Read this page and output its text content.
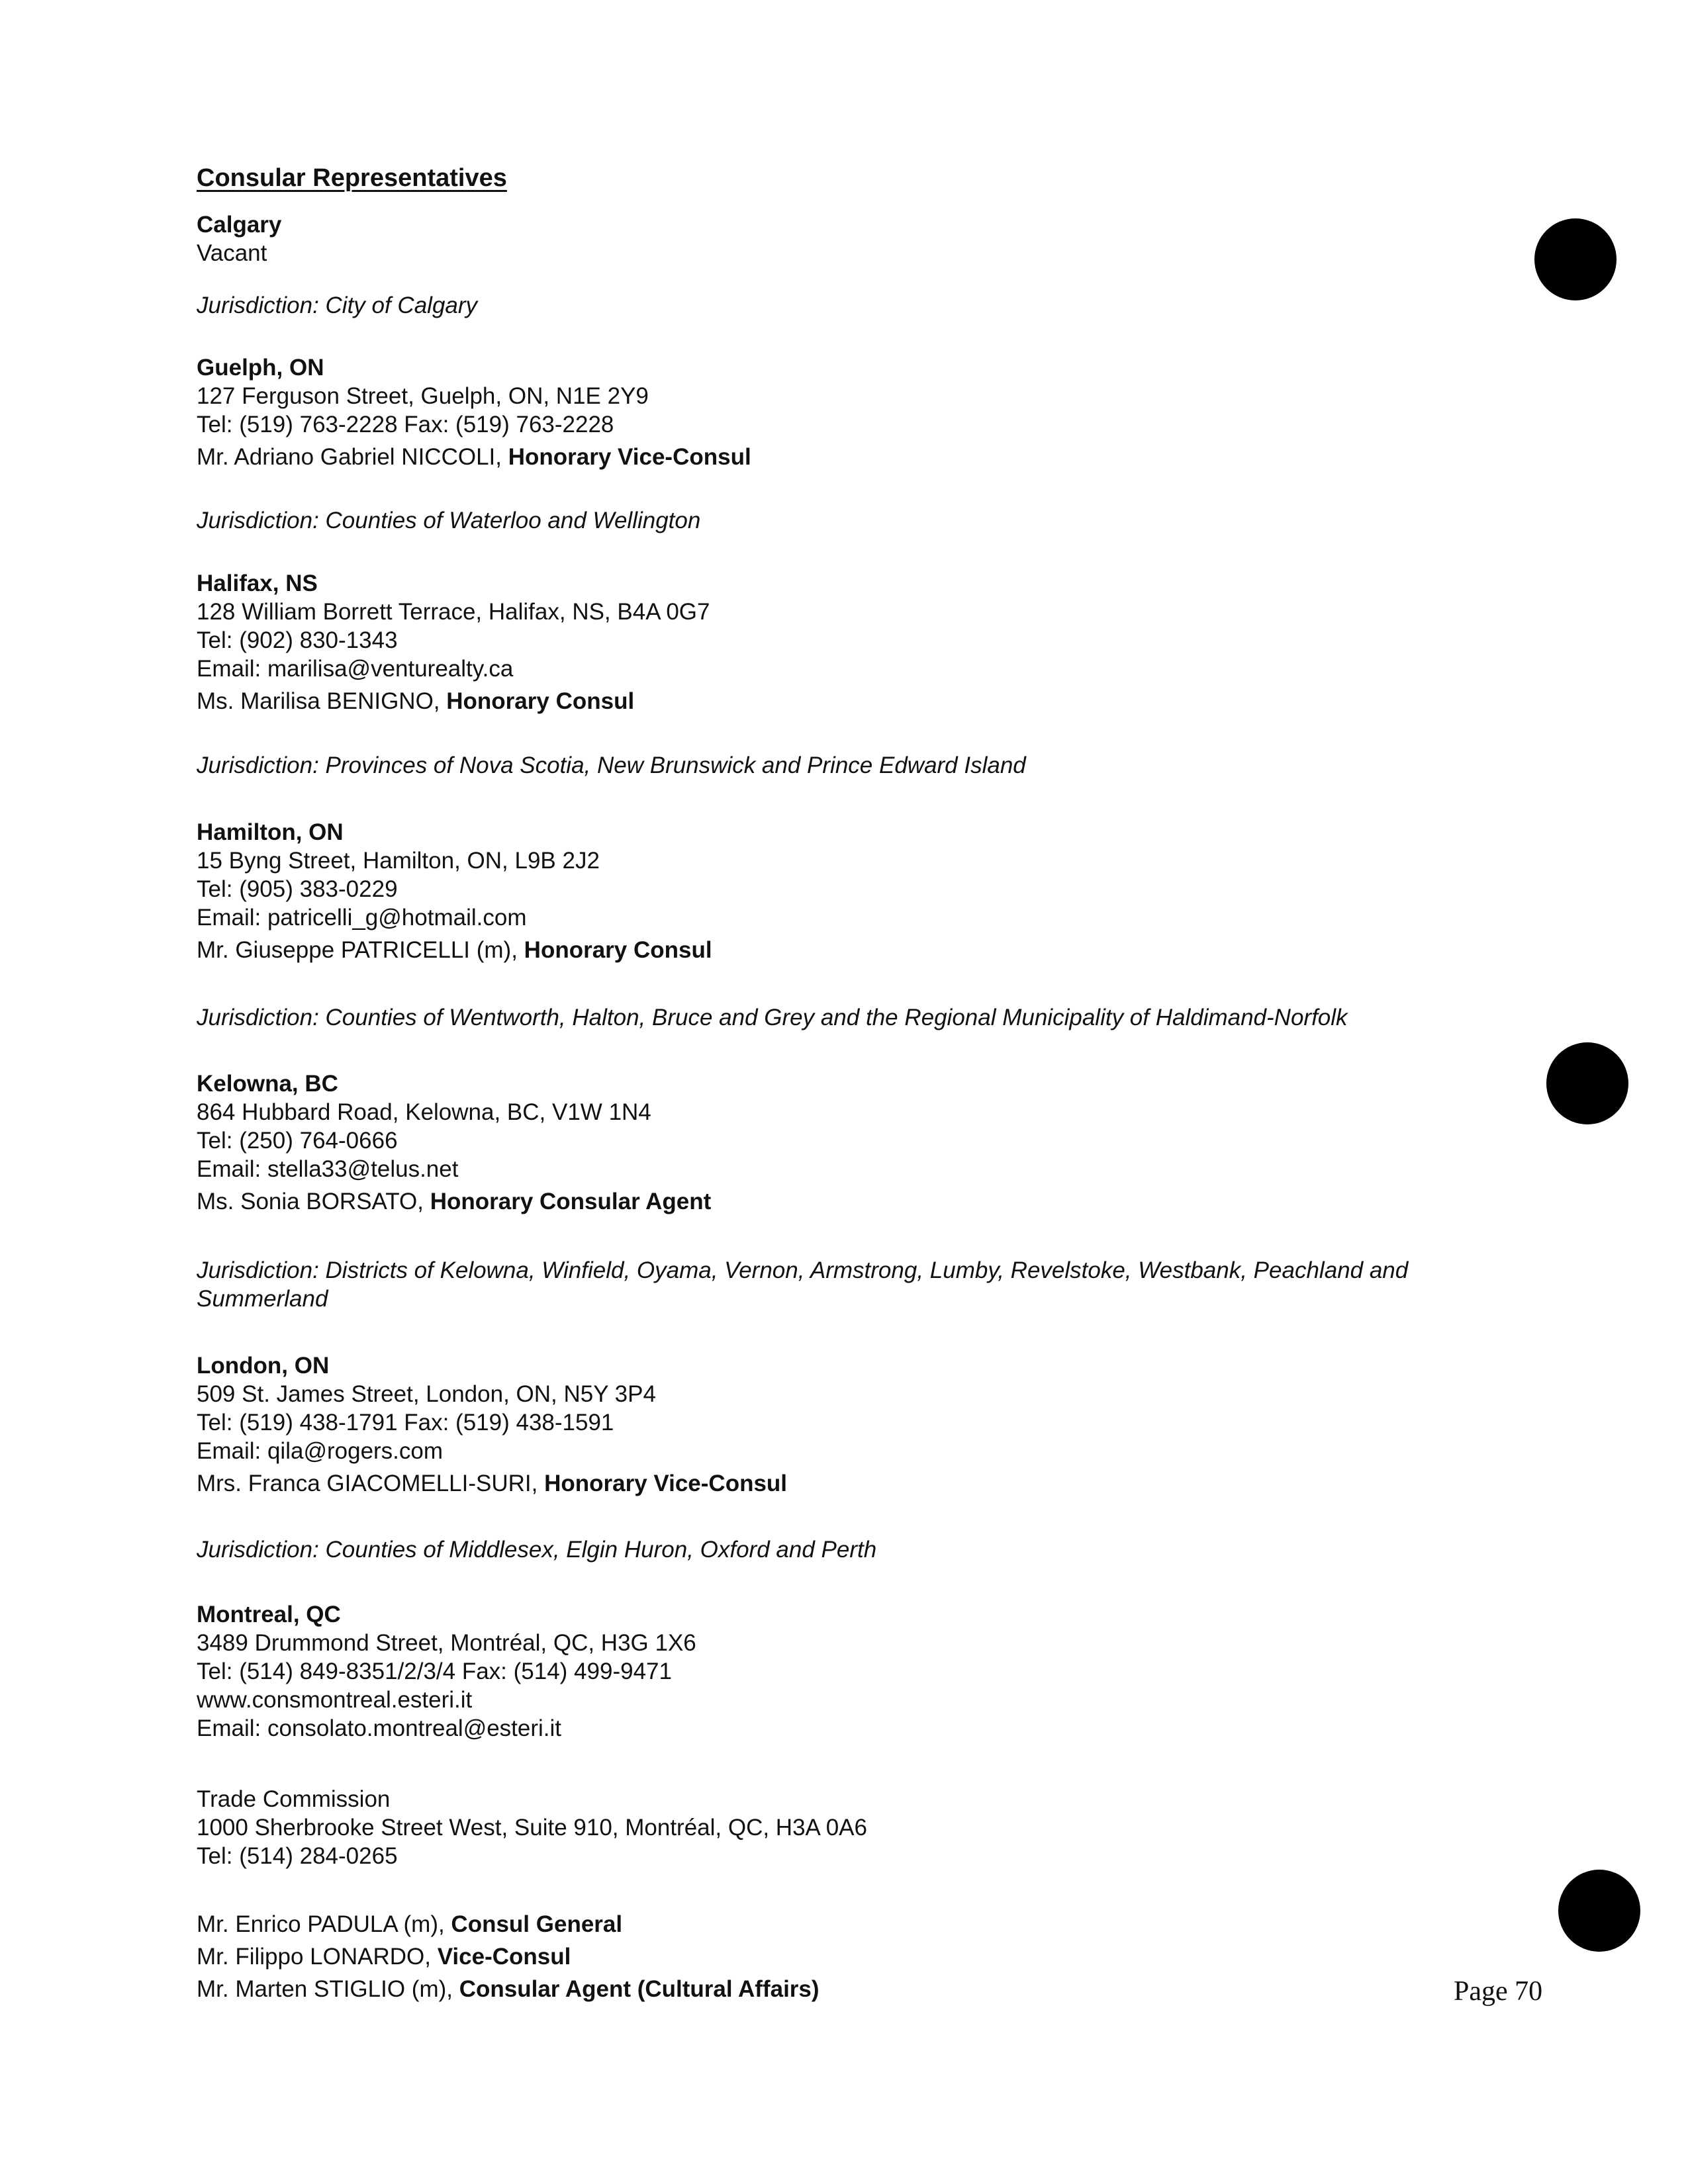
Consular Representatives
Calgary
Vacant
Jurisdiction: City of Calgary
Guelph, ON
127 Ferguson Street, Guelph, ON, N1E 2Y9
Tel: (519) 763-2228 Fax: (519) 763-2228
Mr. Adriano Gabriel NICCOLI, Honorary Vice-Consul
Jurisdiction: Counties of Waterloo and Wellington
Halifax, NS
128 William Borrett Terrace, Halifax, NS, B4A 0G7
Tel: (902) 830-1343
Email: marilisa@venturealty.ca
Ms. Marilisa BENIGNO, Honorary Consul
Jurisdiction: Provinces of Nova Scotia, New Brunswick and Prince Edward Island
Hamilton, ON
15 Byng Street, Hamilton, ON, L9B 2J2
Tel: (905) 383-0229
Email: patricelli_g@hotmail.com
Mr. Giuseppe PATRICELLI (m), Honorary Consul
Jurisdiction: Counties of Wentworth, Halton, Bruce and Grey and the Regional Municipality of Haldimand-Norfolk
Kelowna, BC
864 Hubbard Road, Kelowna, BC, V1W 1N4
Tel: (250) 764-0666
Email: stella33@telus.net
Ms. Sonia BORSATO, Honorary Consular Agent
Jurisdiction: Districts of Kelowna, Winfield, Oyama, Vernon, Armstrong, Lumby, Revelstoke, Westbank, Peachland and
Summerland
London, ON
509 St. James Street, London, ON, N5Y 3P4
Tel: (519) 438-1791 Fax: (519) 438-1591
Email: qila@rogers.com
Mrs. Franca GIACOMELLI-SURI, Honorary Vice-Consul
Jurisdiction: Counties of Middlesex, Elgin Huron, Oxford and Perth
Montreal, QC
3489 Drummond Street, Montréal, QC, H3G 1X6
Tel: (514) 849-8351/2/3/4 Fax: (514) 499-9471
www.consmontreal.esteri.it
Email: consolato.montreal@esteri.it
Trade Commission
1000 Sherbrooke Street West, Suite 910, Montréal, QC, H3A 0A6
Tel: (514) 284-0265
Mr. Enrico PADULA (m), Consul General
Mr. Filippo LONARDO, Vice-Consul
Mr. Marten STIGLIO (m), Consular Agent (Cultural Affairs)	Page 70
